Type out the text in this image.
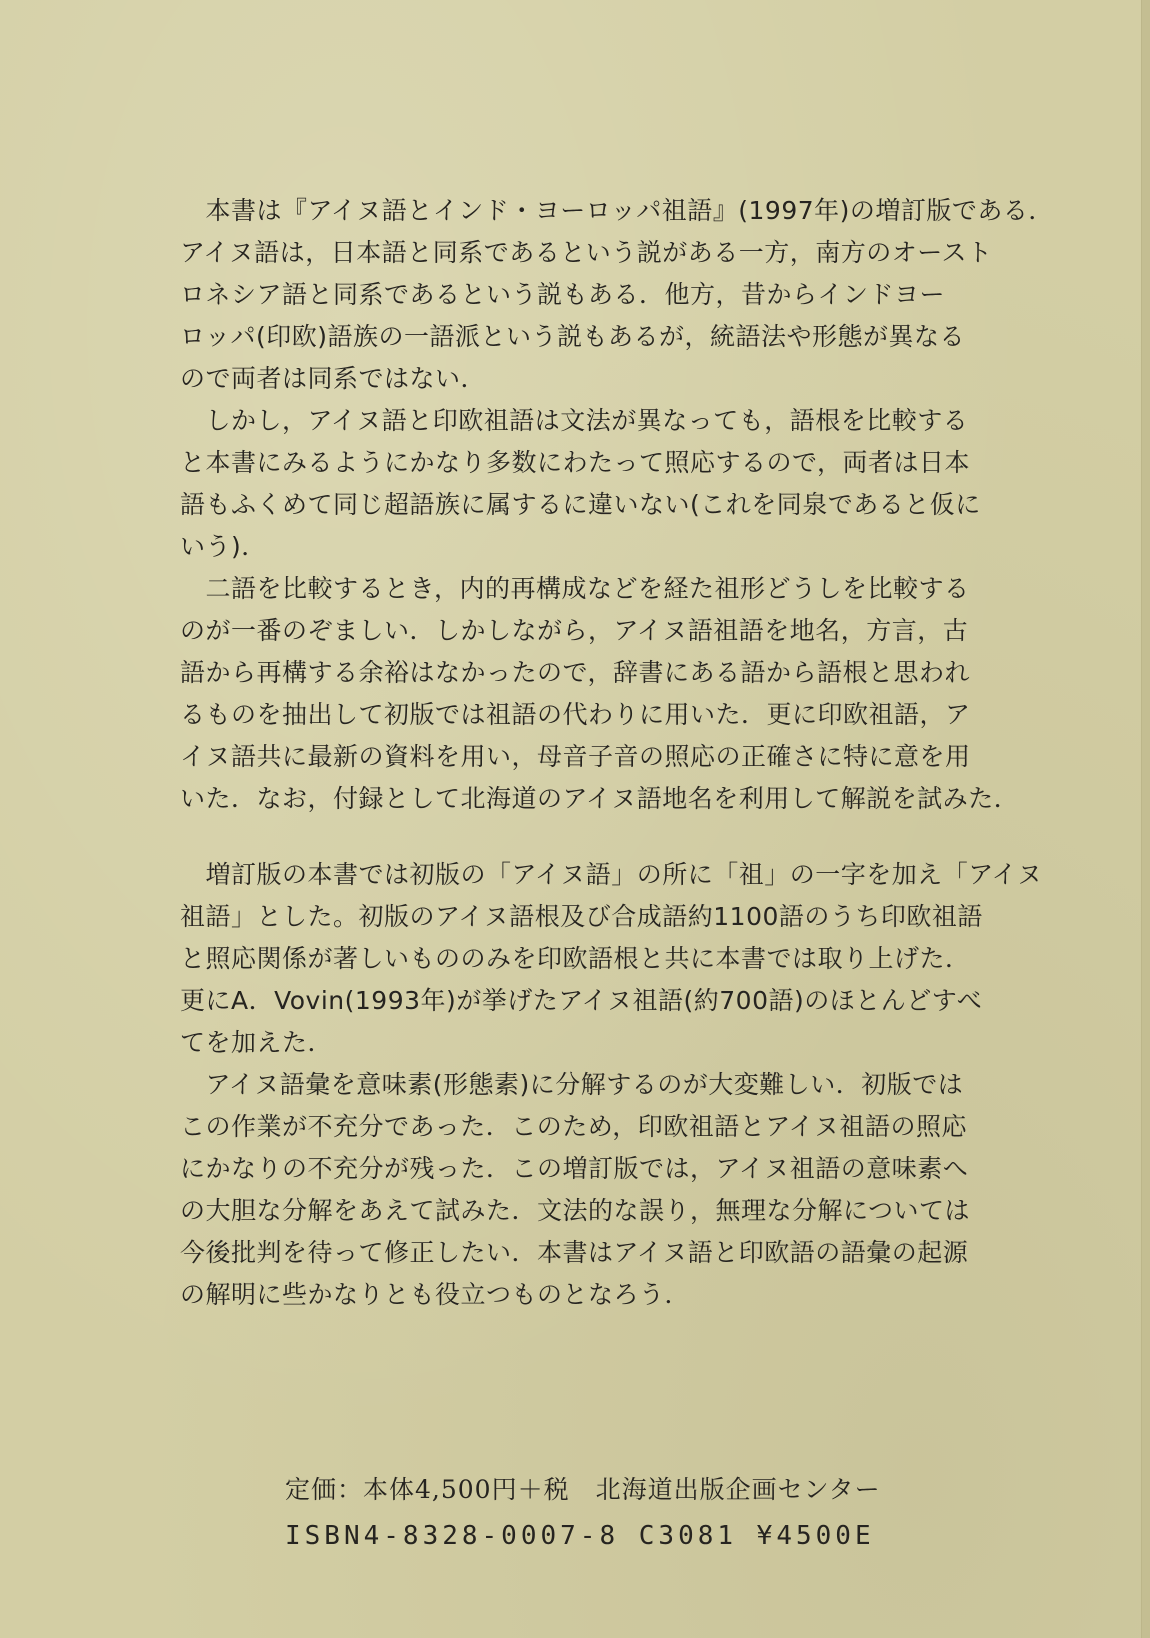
　本書は『アイヌ語とインド・ヨーロッパ祖語』(1997年)の増訂版である．
アイヌ語は，日本語と同系であるという説がある一方，南方のオースト
ロネシア語と同系であるという説もある．他方，昔からインドヨー
ロッパ(印欧)語族の一語派という説もあるが，統語法や形態が異なる
ので両者は同系ではない．
　しかし，アイヌ語と印欧祖語は文法が異なっても，語根を比較する
と本書にみるようにかなり多数にわたって照応するので，両者は日本
語もふくめて同じ超語族に属するに違いない(これを同泉であると仮に
いう)．
　二語を比較するとき，内的再構成などを経た祖形どうしを比較する
のが一番のぞましい．しかしながら，アイヌ語祖語を地名，方言，古
語から再構する余裕はなかったので，辞書にある語から語根と思われ
るものを抽出して初版では祖語の代わりに用いた．更に印欧祖語，ア
イヌ語共に最新の資料を用い，母音子音の照応の正確さに特に意を用
いた．なお，付録として北海道のアイヌ語地名を利用して解説を試みた．
　増訂版の本書では初版の「アイヌ語」の所に「祖」の一字を加え「アイヌ
祖語」とした。初版のアイヌ語根及び合成語約1100語のうち印欧祖語
と照応関係が著しいもののみを印欧語根と共に本書では取り上げた．
更にA．Vovin(1993年)が挙げたアイヌ祖語(約700語)のほとんどすべ
てを加えた．
　アイヌ語彙を意味素(形態素)に分解するのが大変難しい．初版では
この作業が不充分であった．このため，印欧祖語とアイヌ祖語の照応
にかなりの不充分が残った．この増訂版では，アイヌ祖語の意味素へ
の大胆な分解をあえて試みた．文法的な誤り，無理な分解については
今後批判を待って修正したい．本書はアイヌ語と印欧語の語彙の起源
の解明に些かなりとも役立つものとなろう．
定価：本体4,500円＋税　北海道出版企画センター
ISBN4-8328-0007-8 C3081 ¥4500E
